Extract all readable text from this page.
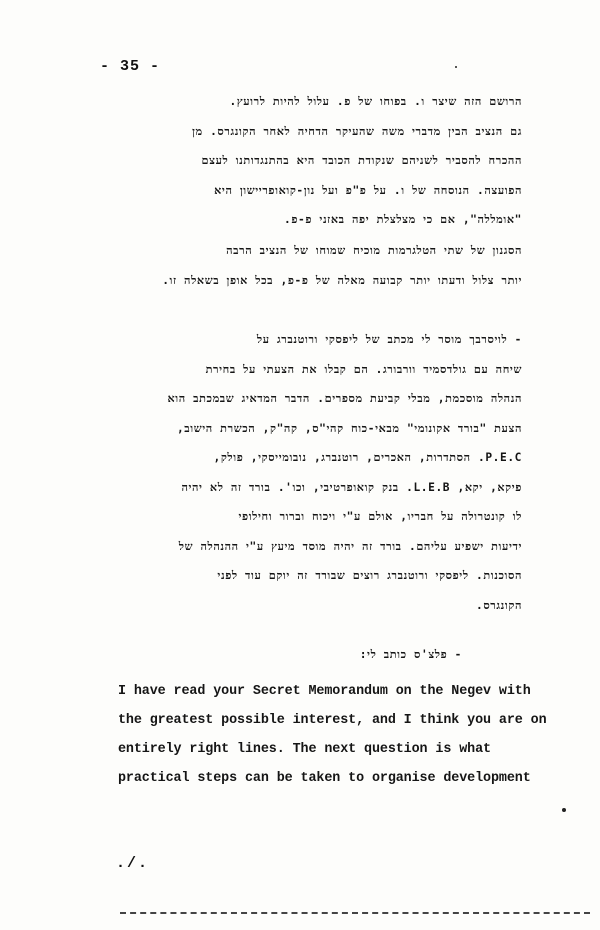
- 35 -
הרושם הזה שיצר ו. בפוחו של פ. עלול להיות לרועץ.
גם הנציב הבין מדברי משה שהעיקר הדחיה לאחר הקונגרס. מן
ההכרח להסביר לשניהם שנקודת הכובד היא בהתנגדותנו לעצם
הפועצה. הנוסחה של ו. על פ"פ ועל נון-קואופריישון היא
"אומללה", אם כי מצלצלת יפה באזני פ-פ.
הסגנון של שתי הטלגרמות מוכיח שמוחו של הנציב הרבה
יותר צלול ודעתו יותר קבועה מאלה של פ-פ, בכל אופן בשאלה זו.
- לויסרבך מוסר לי מכתב של ליפסקי ורוטנברג על
שיחה עם גולדסמיד וורבורג. הם קבלו את הצעתי על בחירת
הנהלה מוסכמת, מבלי קביעת מספרים. הדבר המדאיג שבמכתב הוא
הצעת "בורד אקונומי" מבאי-כוח קהי"ס, קה"ק, הכשרת הישוב,
P.E.C. הסתדרות, האכרים, רוטנברג, נובומייסקי, פולק,
פיקא, יקא, L.E.B. בנק קואופרטיבי, וכו'. בורד זה לא יהיה
לו קונטרולה על חבריו, אולם ע"י ויכוח וברור וחילופי
ידיעות ישפיע עליהם. בורד זה יהיה מוסד מיעץ ע"י ההנהלה של
הסוכנות. ליפסקי ורוטנברג רוצים שבורד זה יוקם עוד לפני
הקונגרס.
- פלצ'ס כותב לי:
I have read your Secret Memorandum on the Negev with
the greatest possible interest, and I think you are on
entirely right lines. The next question is what
practical steps can be taken to organise development
./.
